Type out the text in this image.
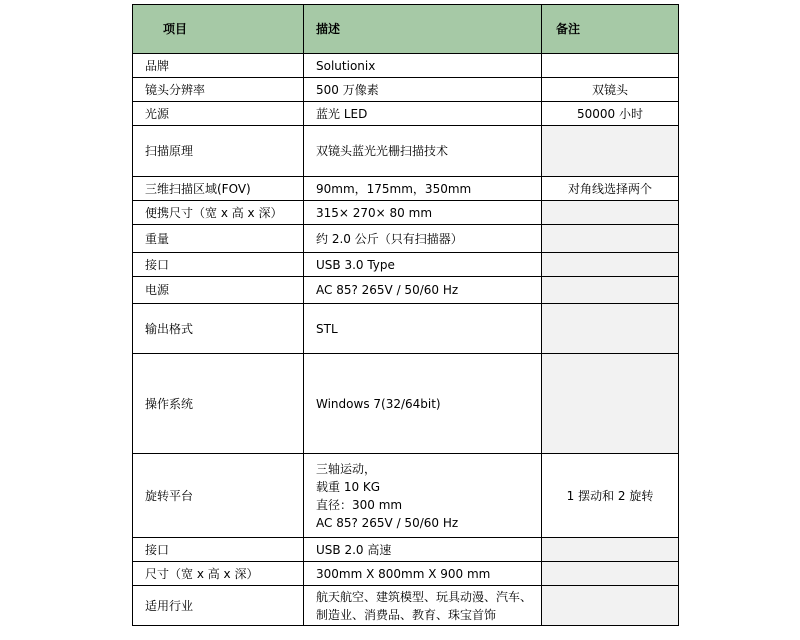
项目	描述	备注
品牌	Solutionix	

镜头分辨率	500 万像素	双镜头
光源	蓝光 LED	50000 小时
扫描原理	双镜头蓝光光栅扫描技术	

三维扫描区域(FOV)	90mm，175mm，350mm	对角线选择两个
便携尺寸（宽 x 高 x 深）	315× 270× 80 mm	

重量	约 2.0 公斤（只有扫描器）	

接口	USB 3.0 Type	

电源	AC 85? 265V / 50/60 Hz	

输出格式	STL	

操作系统	Windows 7(32/64bit)	

旋转平台	三轴运动，
载重 10 KG
直径：300 mm
AC 85? 265V / 50/60 Hz	1 摆动和 2 旋转
接口	USB 2.0 高速	

尺寸（宽 x 高 x 深）	300mm X 800mm X 900 mm	

适用行业	航天航空、建筑模型、玩具动漫、汽车、
制造业、消费品、教育、珠宝首饰	
